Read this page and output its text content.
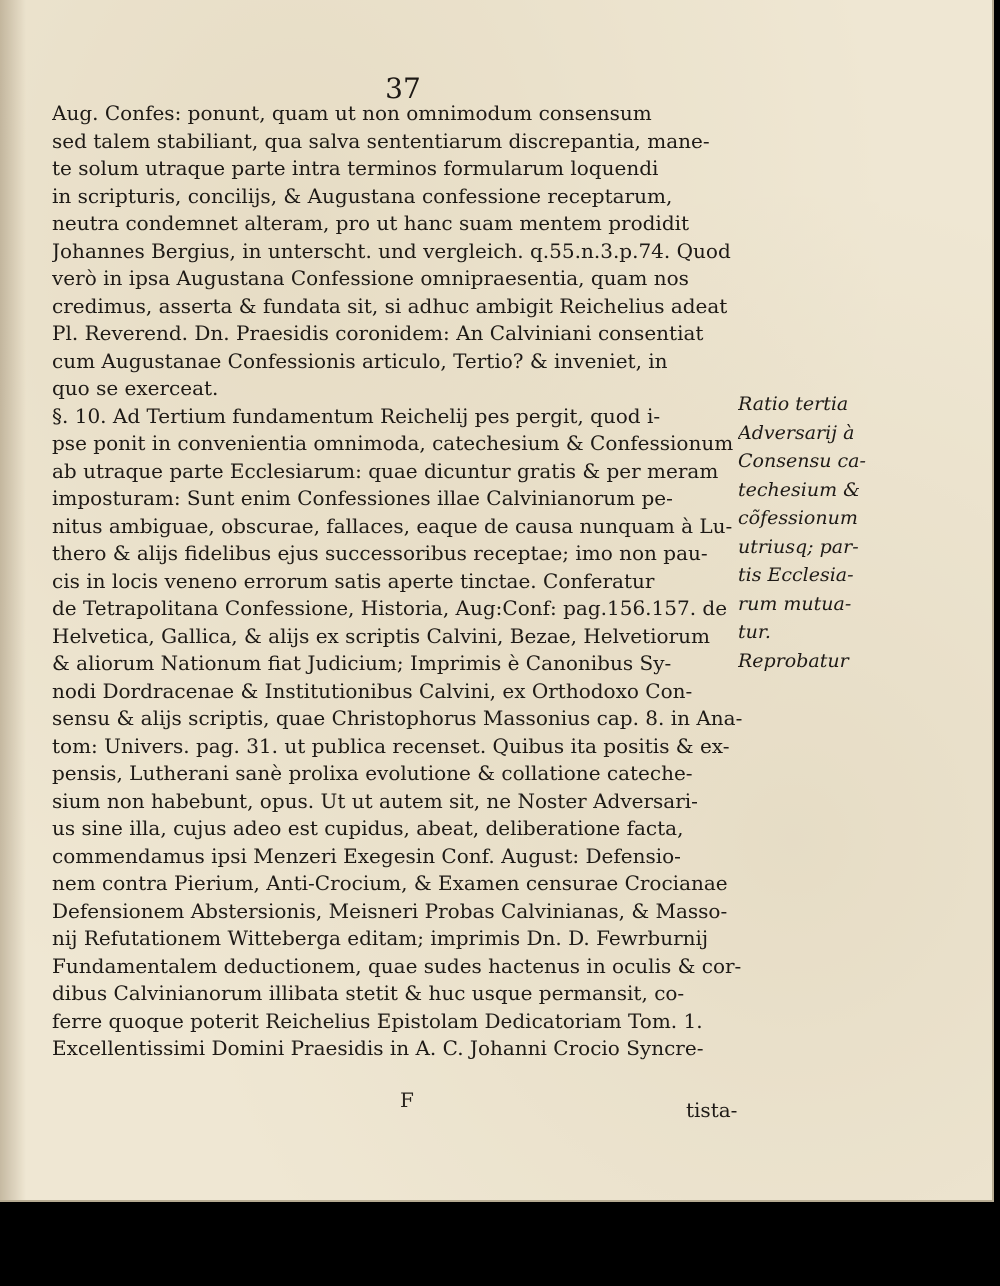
37
Aug. Confes: ponunt, quam ut non omnimodum consensum
sed talem stabiliant, qua salva sententiarum discrepantia, mane-
te solum utraque parte intra terminos formularum loquendi
in scripturis, concilijs, & Augustana confessione receptarum,
neutra condemnet alteram, pro ut hanc suam mentem prodidit
Johannes Bergius, in unterscht. und vergleich. q.55.n.3.p.74. Quod
verò in ipsa Augustana Confessione omnipraesentia, quam nos
credimus, asserta & fundata sit, si adhuc ambigit Reichelius adeat
Pl. Reverend. Dn. Praesidis coronidem: An Calviniani consentiat
cum Augustanae Confessionis articulo, Tertio? & inveniet, in
quo se exerceat.
§. 10. Ad Tertium fundamentum Reichelij pes pergit, quod i-
pse ponit in convenientia omnimoda, catechesium & Confessionum
ab utraque parte Ecclesiarum: quae dicuntur gratis & per meram
imposturam: Sunt enim Confessiones illae Calvinianorum pe-
nitus ambiguae, obscurae, fallaces, eaque de causa nunquam à Lu-
thero & alijs fidelibus ejus successoribus receptae; imo non pau-
cis in locis veneno errorum satis aperte tinctae. Conferatur
de Tetrapolitana Confessione, Historia, Aug:Conf: pag.156.157. de
Helvetica, Gallica, & alijs ex scriptis Calvini, Bezae, Helvetiorum
& aliorum Nationum fiat Judicium; Imprimis è Canonibus Sy-
nodi Dordracenae & Institutionibus Calvini, ex Orthodoxo Con-
sensu & alijs scriptis, quae Christophorus Massonius cap. 8. in Ana-
tom: Univers. pag. 31. ut publica recenset. Quibus ita positis & ex-
pensis, Lutherani sanè prolixa evolutione & collatione cateche-
sium non habebunt, opus. Ut ut autem sit, ne Noster Adversari-
us sine illa, cujus adeo est cupidus, abeat, deliberatione facta,
commendamus ipsi Menzeri Exegesin Conf. August: Defensio-
nem contra Pierium, Anti-Crocium, & Examen censurae Crocianae
Defensionem Abstersionis, Meisneri Probas Calvinianas, & Masso-
nij Refutationem Witteberga editam; imprimis Dn. D. Fewrburnij
Fundamentalem deductionem, quae sudes hactenus in oculis & cor-
dibus Calvinianorum illibata stetit & huc usque permansit, co-
ferre quoque poterit Reichelius Epistolam Dedicatoriam Tom. 1.
Excellentissimi Domini Praesidis in A. C. Johanni Crocio Syncre-
Ratio tertia
Adversarij à
Consensu ca-
techesium &
cõfessionum
utriusq; par-
tis Ecclesia-
rum mutua-
tur.
Reprobatur
F	tista-
